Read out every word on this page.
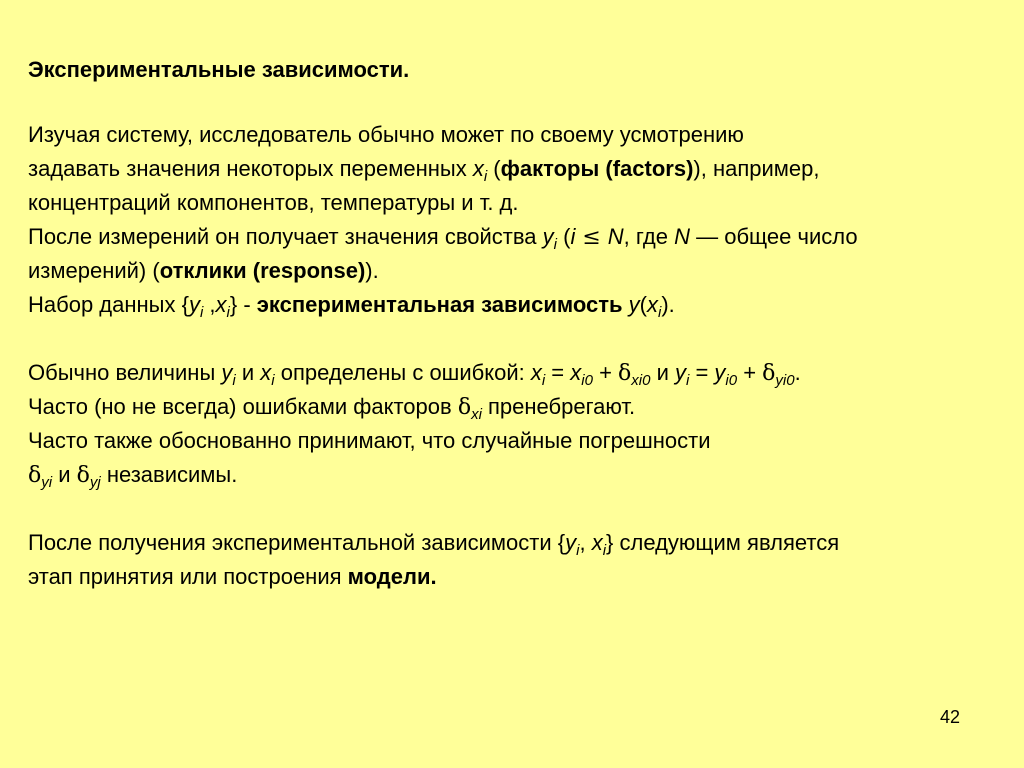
Экспериментальные зависимости.
Изучая систему, исследователь обычно может по своему усмотрению
задавать значения некоторых переменных $x_i$ (факторы (factors)), например,
концентраций компонентов, температуры и т. д.
После измерений он получает значения свойства $y_i$ (i ≤ N, где N — общее число
измерений) (отклики (response)).
Набор данных {$y_i$ $,x_i$} - экспериментальная зависимость $y(x_i)$.
Обычно величины $y_i$ и $x_i$ определены с ошибкой: $x_i = x_{i0} + \delta_{xi0}$ и $y_i = y_{i0} + \delta_{yi0}$.
Часто (но не всегда) ошибками факторов $\delta_{xi}$ пренебрегают.
Часто также обоснованно принимают, что случайные погрешности
$\delta_{yi}$ и $\delta_{yj}$ независимы.
После получения экспериментальной зависимости {$y_i$, $x_i$} следующим является
этап принятия или построения модели.
42
